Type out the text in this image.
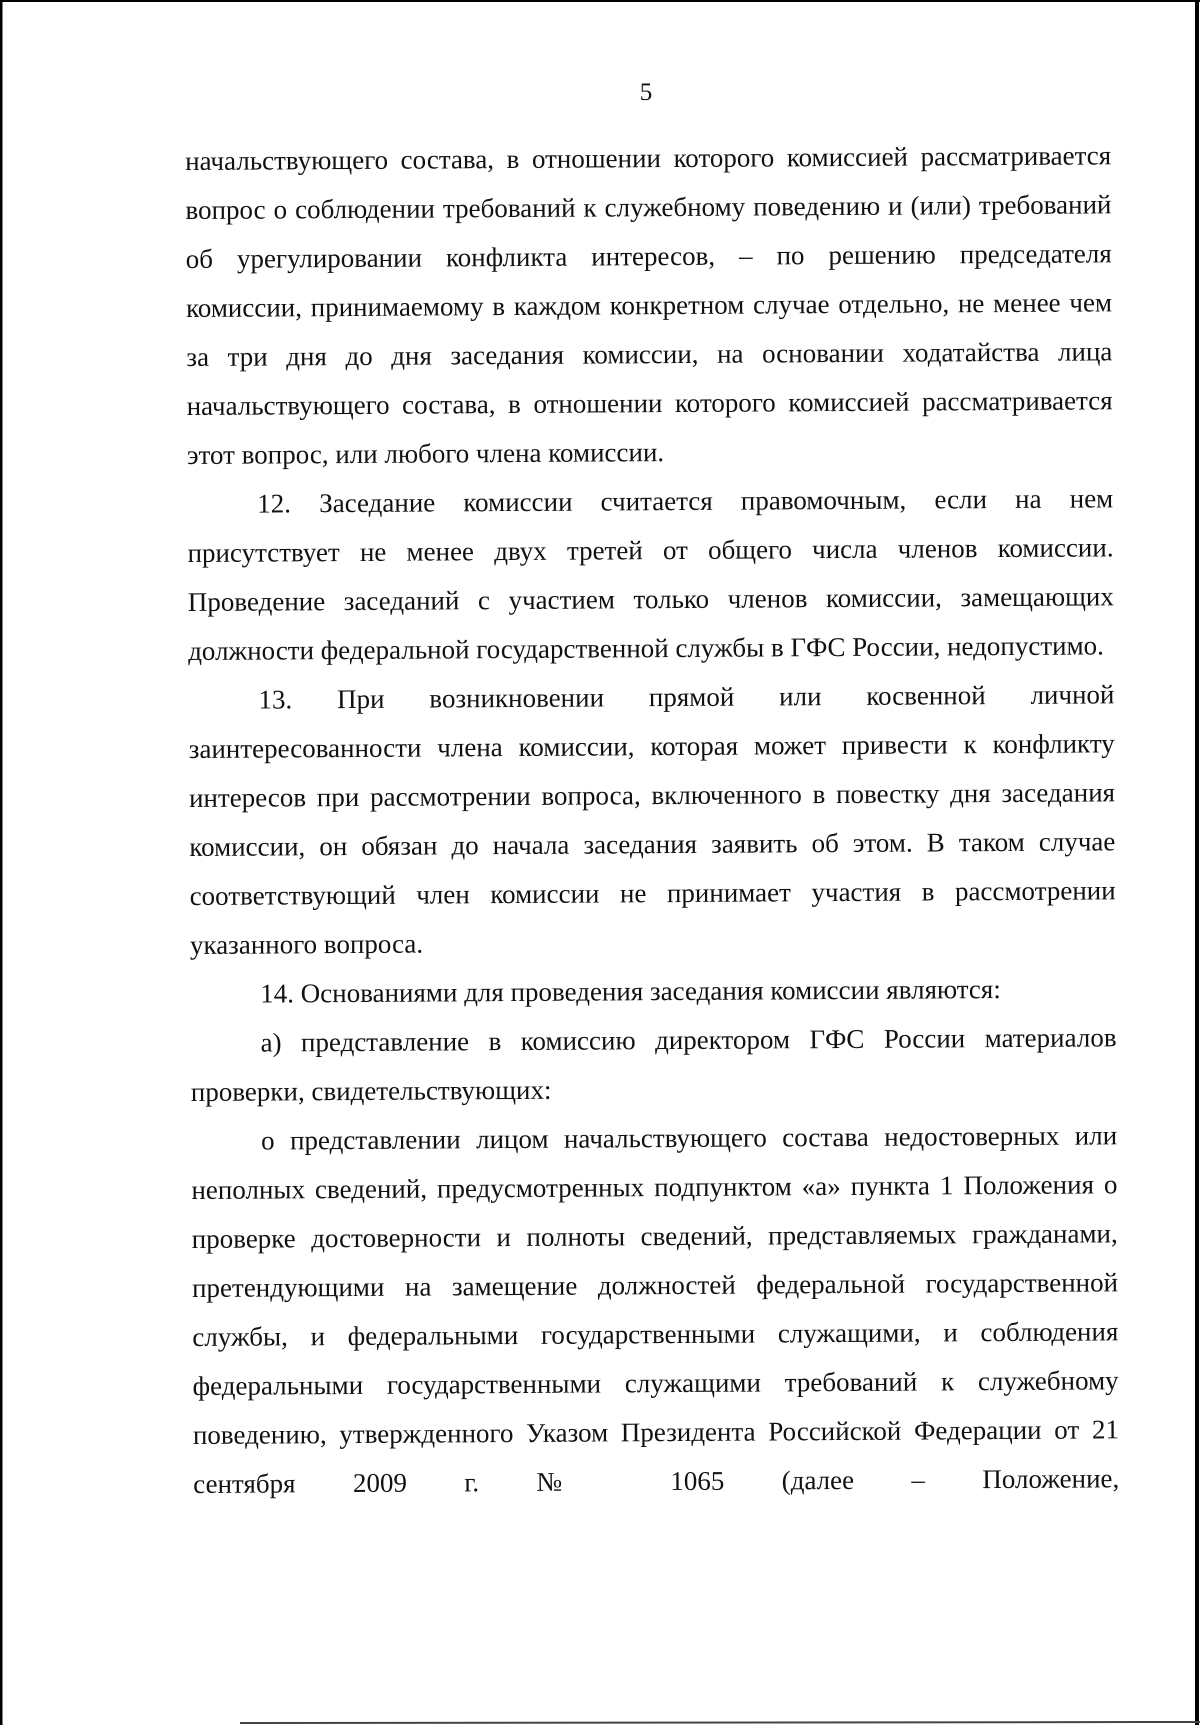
5

начальствующего состава, в отношении которого комиссией рассматривается вопрос о соблюдении требований к служебному поведению и (или) требований об урегулировании конфликта интересов, – по решению председателя комиссии, принимаемому в каждом конкретном случае отдельно, не менее чем за три дня до дня заседания комиссии, на основании ходатайства лица начальствующего состава, в отношении которого комиссией рассматривается этот вопрос, или любого члена комиссии.

12. Заседание комиссии считается правомочным, если на нем присутствует не менее двух третей от общего числа членов комиссии. Проведение заседаний с участием только членов комиссии, замещающих должности федеральной государственной службы в ГФС России, недопустимо.

13. При возникновении прямой или косвенной личной заинтересованности члена комиссии, которая может привести к конфликту интересов при рассмотрении вопроса, включенного в повестку дня заседания комиссии, он обязан до начала заседания заявить об этом. В таком случае соответствующий член комиссии не принимает участия в рассмотрении указанного вопроса.

14. Основаниями для проведения заседания комиссии являются:

а) представление в комиссию директором ГФС России материалов проверки, свидетельствующих:

о представлении лицом начальствующего состава недостоверных или неполных сведений, предусмотренных подпунктом «а» пункта 1 Положения о проверке достоверности и полноты сведений, представляемых гражданами, претендующими на замещение должностей федеральной государственной службы, и федеральными государственными служащими, и соблюдения федеральными государственными служащими требований к служебному поведению, утвержденного Указом Президента Российской Федерации от 21 сентября 2009 г. № 1065 (далее – Положение,
